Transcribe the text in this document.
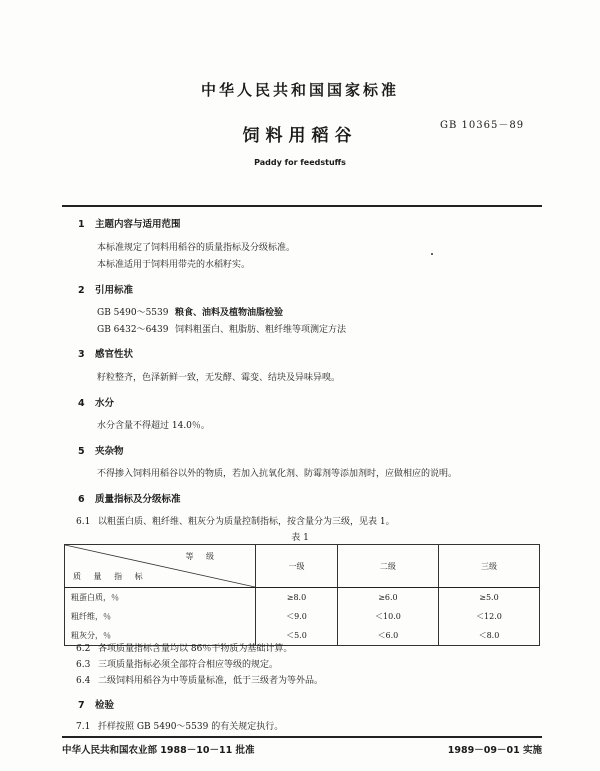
中华人民共和国国家标准
饲料用稻谷
GB 10365－89
Paddy for feedstuffs
1 主题内容与适用范围
本标准规定了饲料用稻谷的质量指标及分级标准。
本标准适用于饲料用带壳的水稻籽实。
2 引用标准
GB 5490～5539 粮食、油料及植物油脂检验
GB 6432～6439 饲料粗蛋白、粗脂肪、粗纤维等项测定方法
3 感官性状
籽粒整齐，色泽新鲜一致，无发酵、霉变、结块及异味异嗅。
4 水分
水分含量不得超过 14.0％。
5 夹杂物
不得掺入饲料用稻谷以外的物质，若加入抗氧化剂、防霉剂等添加剂时，应做相应的说明。
6 质量指标及分级标准
6.1 以粗蛋白质、粗纤维、粗灰分为质量控制指标，按含量分为三级，见表 1。
表 1
等 级
质 量 指 标	一级	二级	三级
粗蛋白质，％	≥8.0	≥6.0	≥5.0
粗纤维，％	＜9.0	＜10.0	＜12.0
粗灰分，％	＜5.0	＜6.0	＜8.0
6.2 各项质量指标含量均以 86％干物质为基础计算。
6.3 三项质量指标必须全部符合相应等级的规定。
6.4 二级饲料用稻谷为中等质量标准，低于三级者为等外品。
7 检验
7.1 扦样按照 GB 5490～5539 的有关规定执行。
中华人民共和国农业部 1988－10－11 批准	1989－09－01 实施
